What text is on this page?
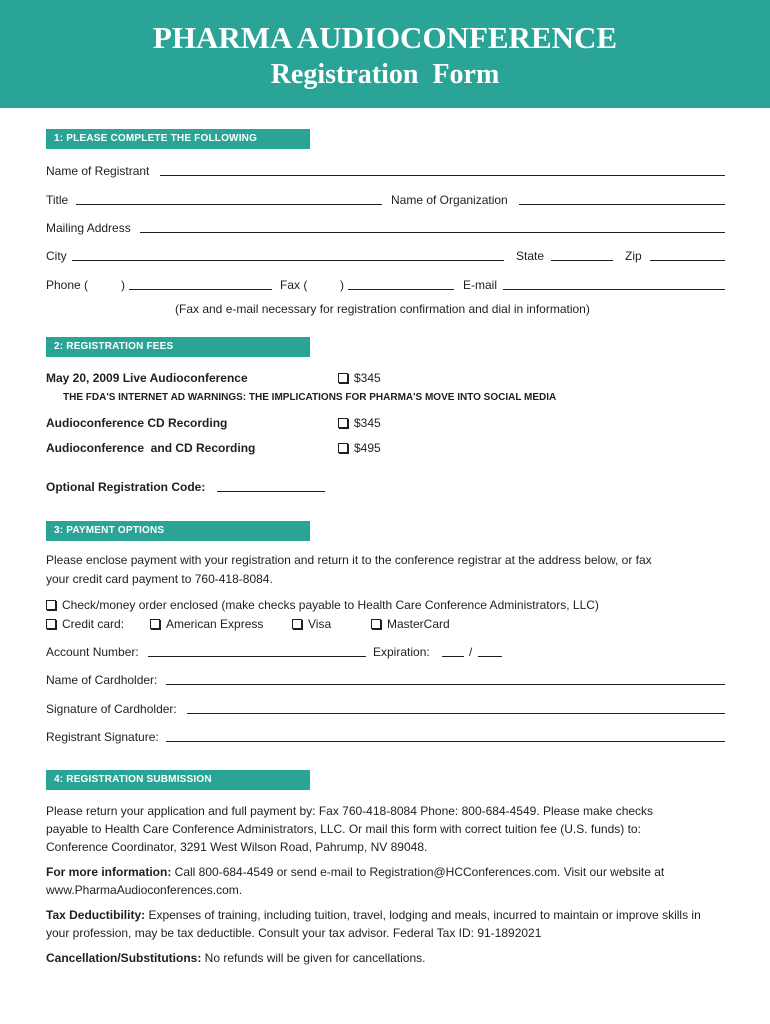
PHARMA AUDIOCONFERENCE
Registration  Form
1: PLEASE COMPLETE THE FOLLOWING
Name of Registrant
Title	Name of Organization
Mailing Address
City	State	Zip
Phone (	)	Fax (	)	E-mail
(Fax and e-mail necessary for registration confirmation and dial in information)
2: REGISTRATION FEES
May 20, 2009 Live Audioconference	$345
THE FDA'S INTERNET AD WARNINGS: THE IMPLICATIONS FOR PHARMA'S MOVE INTO SOCIAL MEDIA
Audioconference CD Recording	$345
Audioconference  and CD Recording	$495
Optional Registration Code:
3: PAYMENT OPTIONS
Please enclose payment with your registration and return it to the conference registrar at the address below, or fax
your credit card payment to 760-418-8084.
Check/money order enclosed (make checks payable to Health Care Conference Administrators, LLC)
Credit card:	American Express	Visa	MasterCard
Account Number:	Expiration:	/
Name of Cardholder:
Signature of Cardholder:
Registrant Signature:
4: REGISTRATION SUBMISSION
Please return your application and full payment by: Fax 760-418-8084 Phone: 800-684-4549. Please make checks
payable to Health Care Conference Administrators, LLC. Or mail this form with correct tuition fee (U.S. funds) to:
Conference Coordinator, 3291 West Wilson Road, Pahrump, NV 89048.
For more information: Call 800-684-4549 or send e-mail to Registration@HCConferences.com. Visit our website at
www.PharmaAudioconferences.com.
Tax Deductibility: Expenses of training, including tuition, travel, lodging and meals, incurred to maintain or improve skills in
your profession, may be tax deductible. Consult your tax advisor. Federal Tax ID: 91-1892021
Cancellation/Substitutions: No refunds will be given for cancellations.
